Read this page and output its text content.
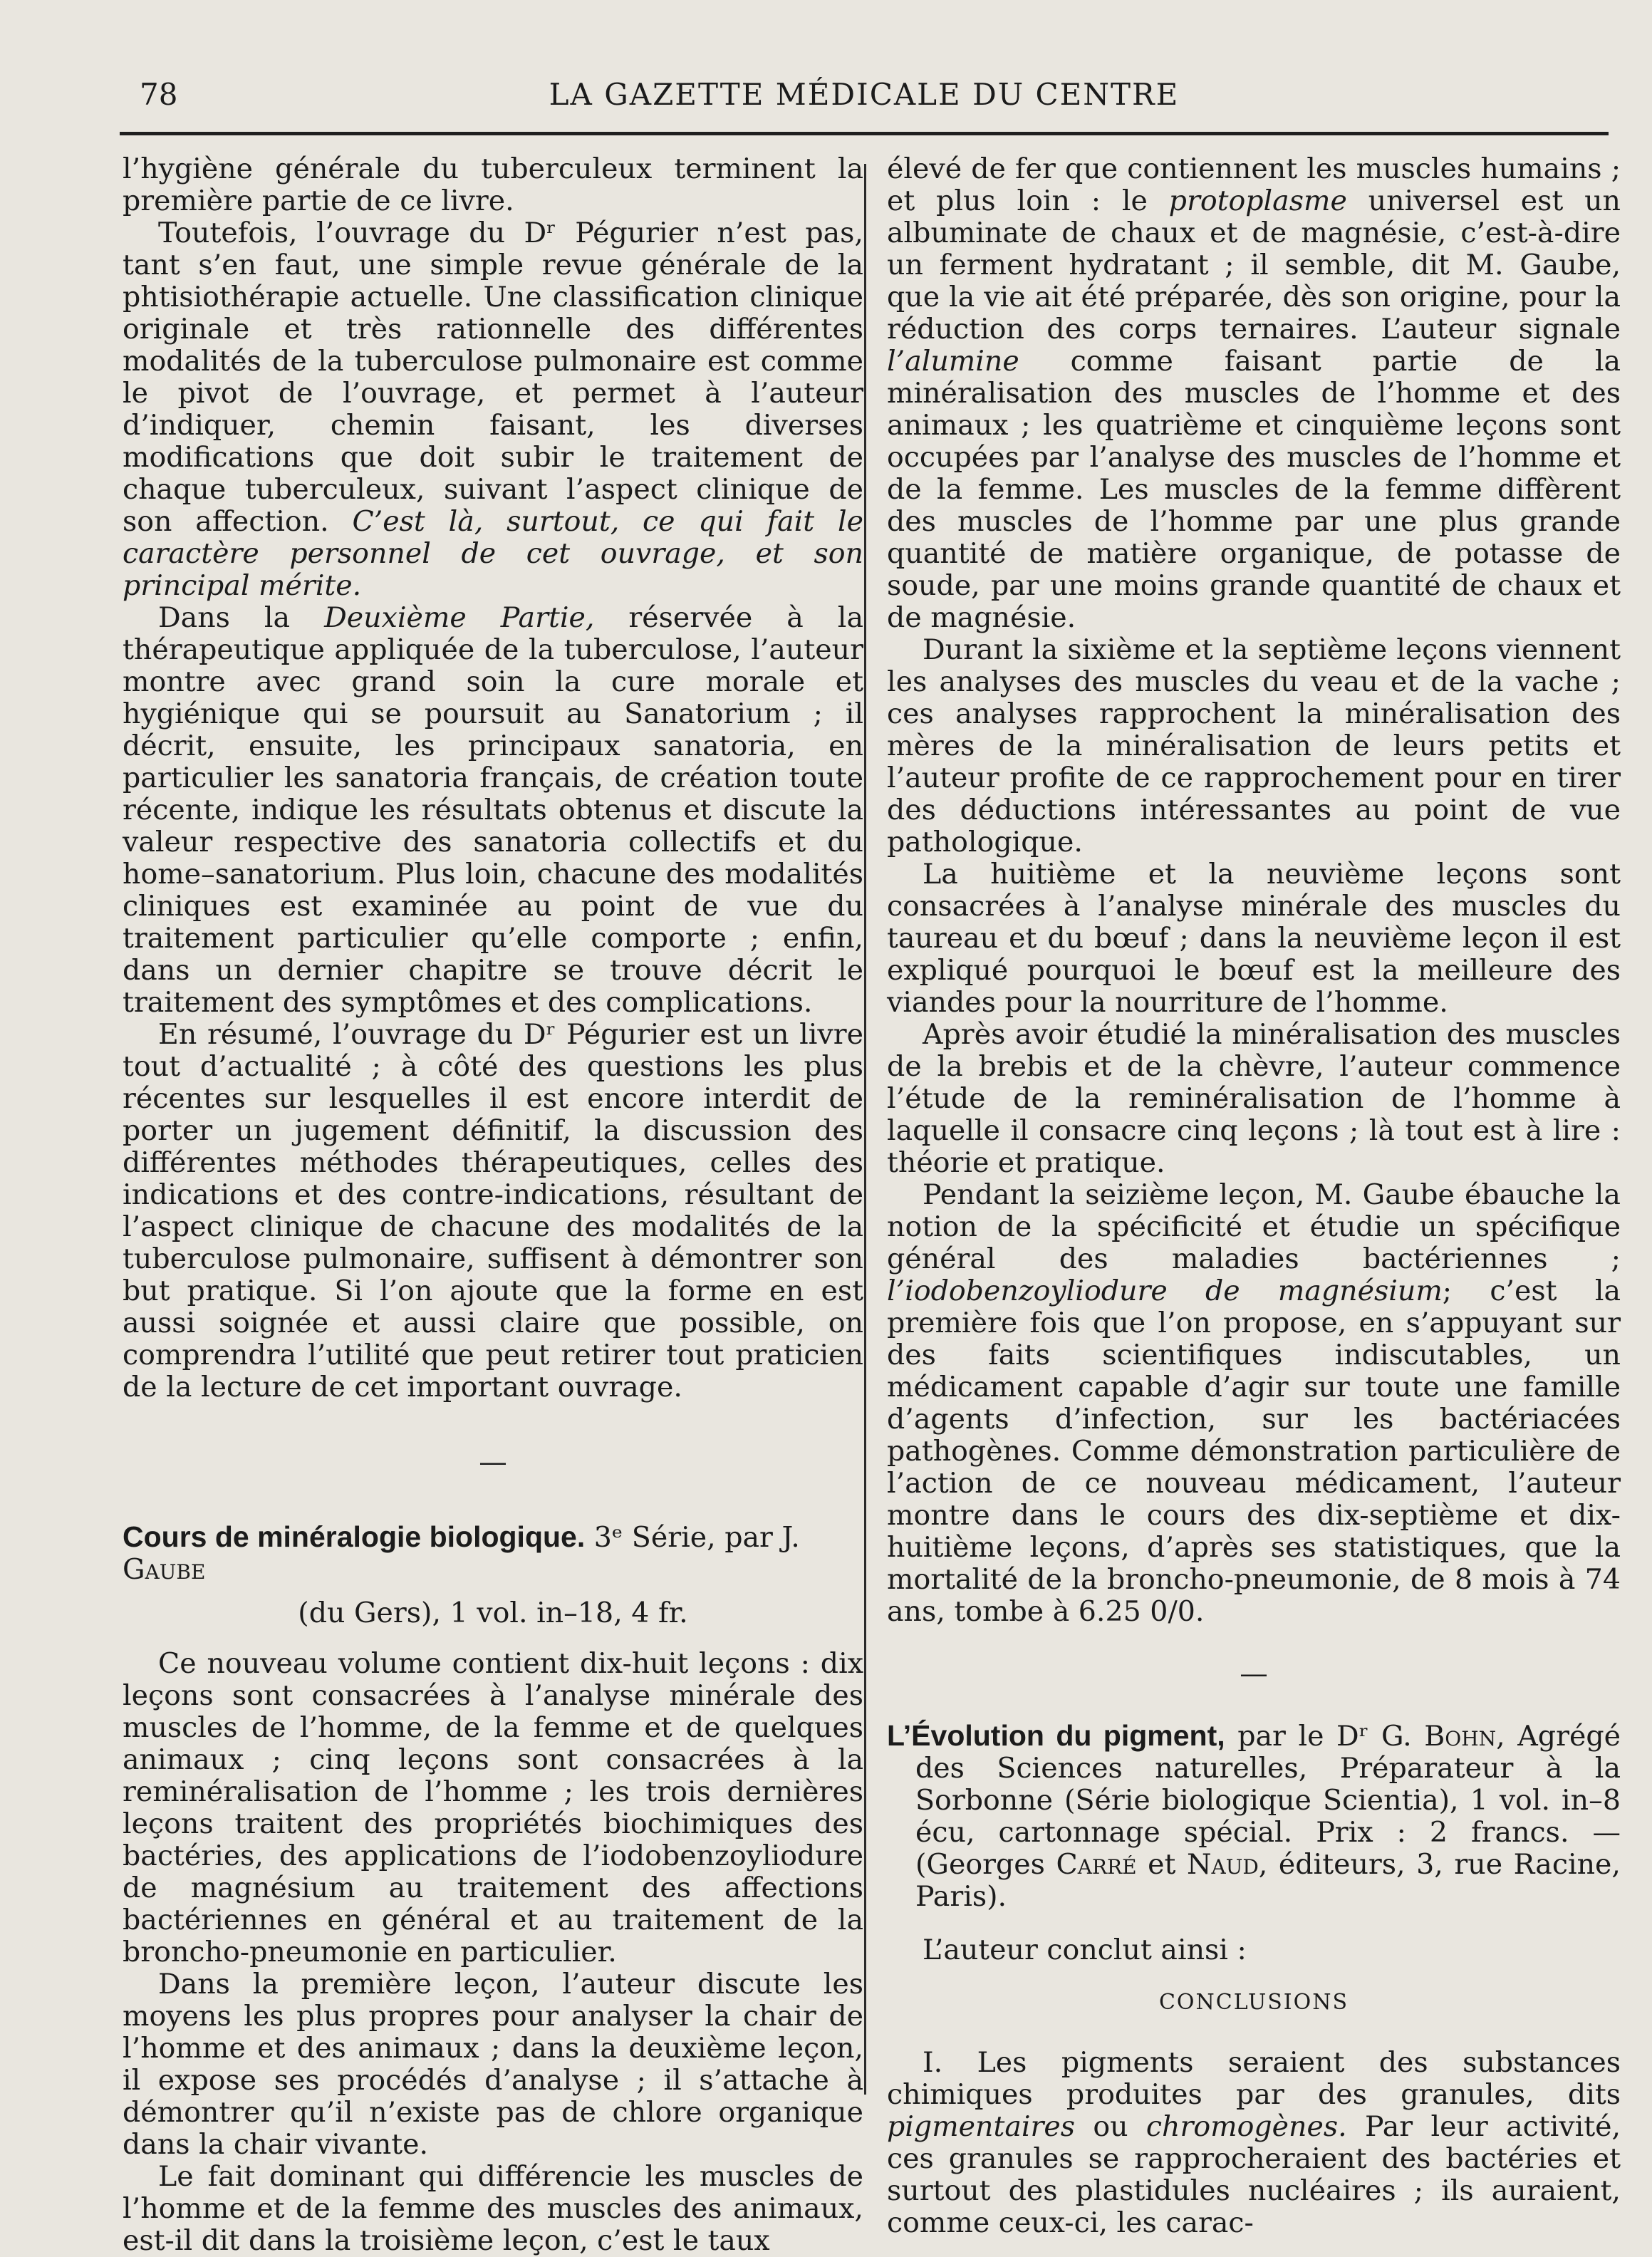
78	LA GAZETTE MÉDICALE DU CENTRE

l’hygiène générale du tuberculeux terminent la première partie de ce livre.

Toutefois, l’ouvrage du Dʳ Pégurier n’est pas, tant s’en faut, une simple revue générale de la phtisiothérapie actuelle. Une classification clinique originale et très rationnelle des différentes modalités de la tuberculose pulmonaire est comme le pivot de l’ouvrage, et permet à l’auteur d’indiquer, chemin faisant, les diverses modifications que doit subir le traitement de chaque tuberculeux, suivant l’aspect clinique de son affection. C’est là, surtout, ce qui fait le caractère personnel de cet ouvrage, et son principal mérite.

Dans la Deuxième Partie, réservée à la thérapeutique appliquée de la tuberculose, l’auteur montre avec grand soin la cure morale et hygiénique qui se poursuit au Sanatorium ; il décrit, ensuite, les principaux sanatoria, en particulier les sanatoria français, de création toute récente, indique les résultats obtenus et discute la valeur respective des sanatoria collectifs et du home–sanatorium. Plus loin, chacune des modalités cliniques est examinée au point de vue du traitement particulier qu’elle comporte ; enfin, dans un dernier chapitre se trouve décrit le traitement des symptômes et des complications.

En résumé, l’ouvrage du Dʳ Pégurier est un livre tout d’actualité ; à côté des questions les plus récentes sur lesquelles il est encore interdit de porter un jugement définitif, la discussion des différentes méthodes thérapeutiques, celles des indications et des contre-indications, résultant de l’aspect clinique de chacune des modalités de la tuberculose pulmonaire, suffisent à démontrer son but pratique. Si l’on ajoute que la forme en est aussi soignée et aussi claire que possible, on comprendra l’utilité que peut retirer tout praticien de la lecture de cet important ouvrage.

—
Cours de minéralogie biologique. 3ᵉ Série, par J. Gaube
(du Gers), 1 vol. in–18, 4 fr.

Ce nouveau volume contient dix-huit leçons : dix leçons sont consacrées à l’analyse minérale des muscles de l’homme, de la femme et de quelques animaux ; cinq leçons sont consacrées à la reminéralisation de l’homme ; les trois dernières leçons traitent des propriétés biochimiques des bactéries, des applications de l’iodobenzoyliodure de magnésium au traitement des affections bactériennes en général et au traitement de la broncho-pneumonie en particulier.

Dans la première leçon, l’auteur discute les moyens les plus propres pour analyser la chair de l’homme et des animaux ; dans la deuxième leçon, il expose ses procédés d’analyse ; il s’attache à démontrer qu’il n’existe pas de chlore organique dans la chair vivante.

Le fait dominant qui différencie les muscles de l’homme et de la femme des muscles des animaux, est-il dit dans la troisième leçon, c’est le taux

élevé de fer que contiennent les muscles humains ; et plus loin : le protoplasme universel est un albuminate de chaux et de magnésie, c’est-à-dire un ferment hydratant ; il semble, dit M. Gaube, que la vie ait été préparée, dès son origine, pour la réduction des corps ternaires. L’auteur signale l’alumine comme faisant partie de la minéralisation des muscles de l’homme et des animaux ; les quatrième et cinquième leçons sont occupées par l’analyse des muscles de l’homme et de la femme. Les muscles de la femme diffèrent des muscles de l’homme par une plus grande quantité de matière organique, de potasse de soude, par une moins grande quantité de chaux et de magnésie.

Durant la sixième et la septième leçons viennent les analyses des muscles du veau et de la vache ; ces analyses rapprochent la minéralisation des mères de la minéralisation de leurs petits et l’auteur profite de ce rapprochement pour en tirer des déductions intéressantes au point de vue pathologique.

La huitième et la neuvième leçons sont consacrées à l’analyse minérale des muscles du taureau et du bœuf ; dans la neuvième leçon il est expliqué pourquoi le bœuf est la meilleure des viandes pour la nourriture de l’homme.

Après avoir étudié la minéralisation des muscles de la brebis et de la chèvre, l’auteur commence l’étude de la reminéralisation de l’homme à laquelle il consacre cinq leçons ; là tout est à lire : théorie et pratique.

Pendant la seizième leçon, M. Gaube ébauche la notion de la spécificité et étudie un spécifique général des maladies bactériennes ; l’iodobenzoyliodure de magnésium; c’est la première fois que l’on propose, en s’appuyant sur des faits scientifiques indiscutables, un médicament capable d’agir sur toute une famille d’agents d’infection, sur les bactériacées pathogènes. Comme démonstration particulière de l’action de ce nouveau médicament, l’auteur montre dans le cours des dix-septième et dix-huitième leçons, d’après ses statistiques, que la mortalité de la broncho-pneumonie, de 8 mois à 74 ans, tombe à 6.25 0/0.

—

L’Évolution du pigment, par le Dʳ G. Bohn, Agrégé des Sciences naturelles, Préparateur à la Sorbonne (Série biologique Scientia), 1 vol. in–8 écu, cartonnage spécial. Prix : 2 francs. — (Georges Carré et Naud, éditeurs, 3, rue Racine, Paris).

L’auteur conclut ainsi :

CONCLUSIONS

I. Les pigments seraient des substances chimiques produites par des granules, dits pigmentaires ou chromogènes. Par leur activité, ces granules se rapprocheraient des bactéries et surtout des plastidules nucléaires ; ils auraient, comme ceux-ci, les carac-
